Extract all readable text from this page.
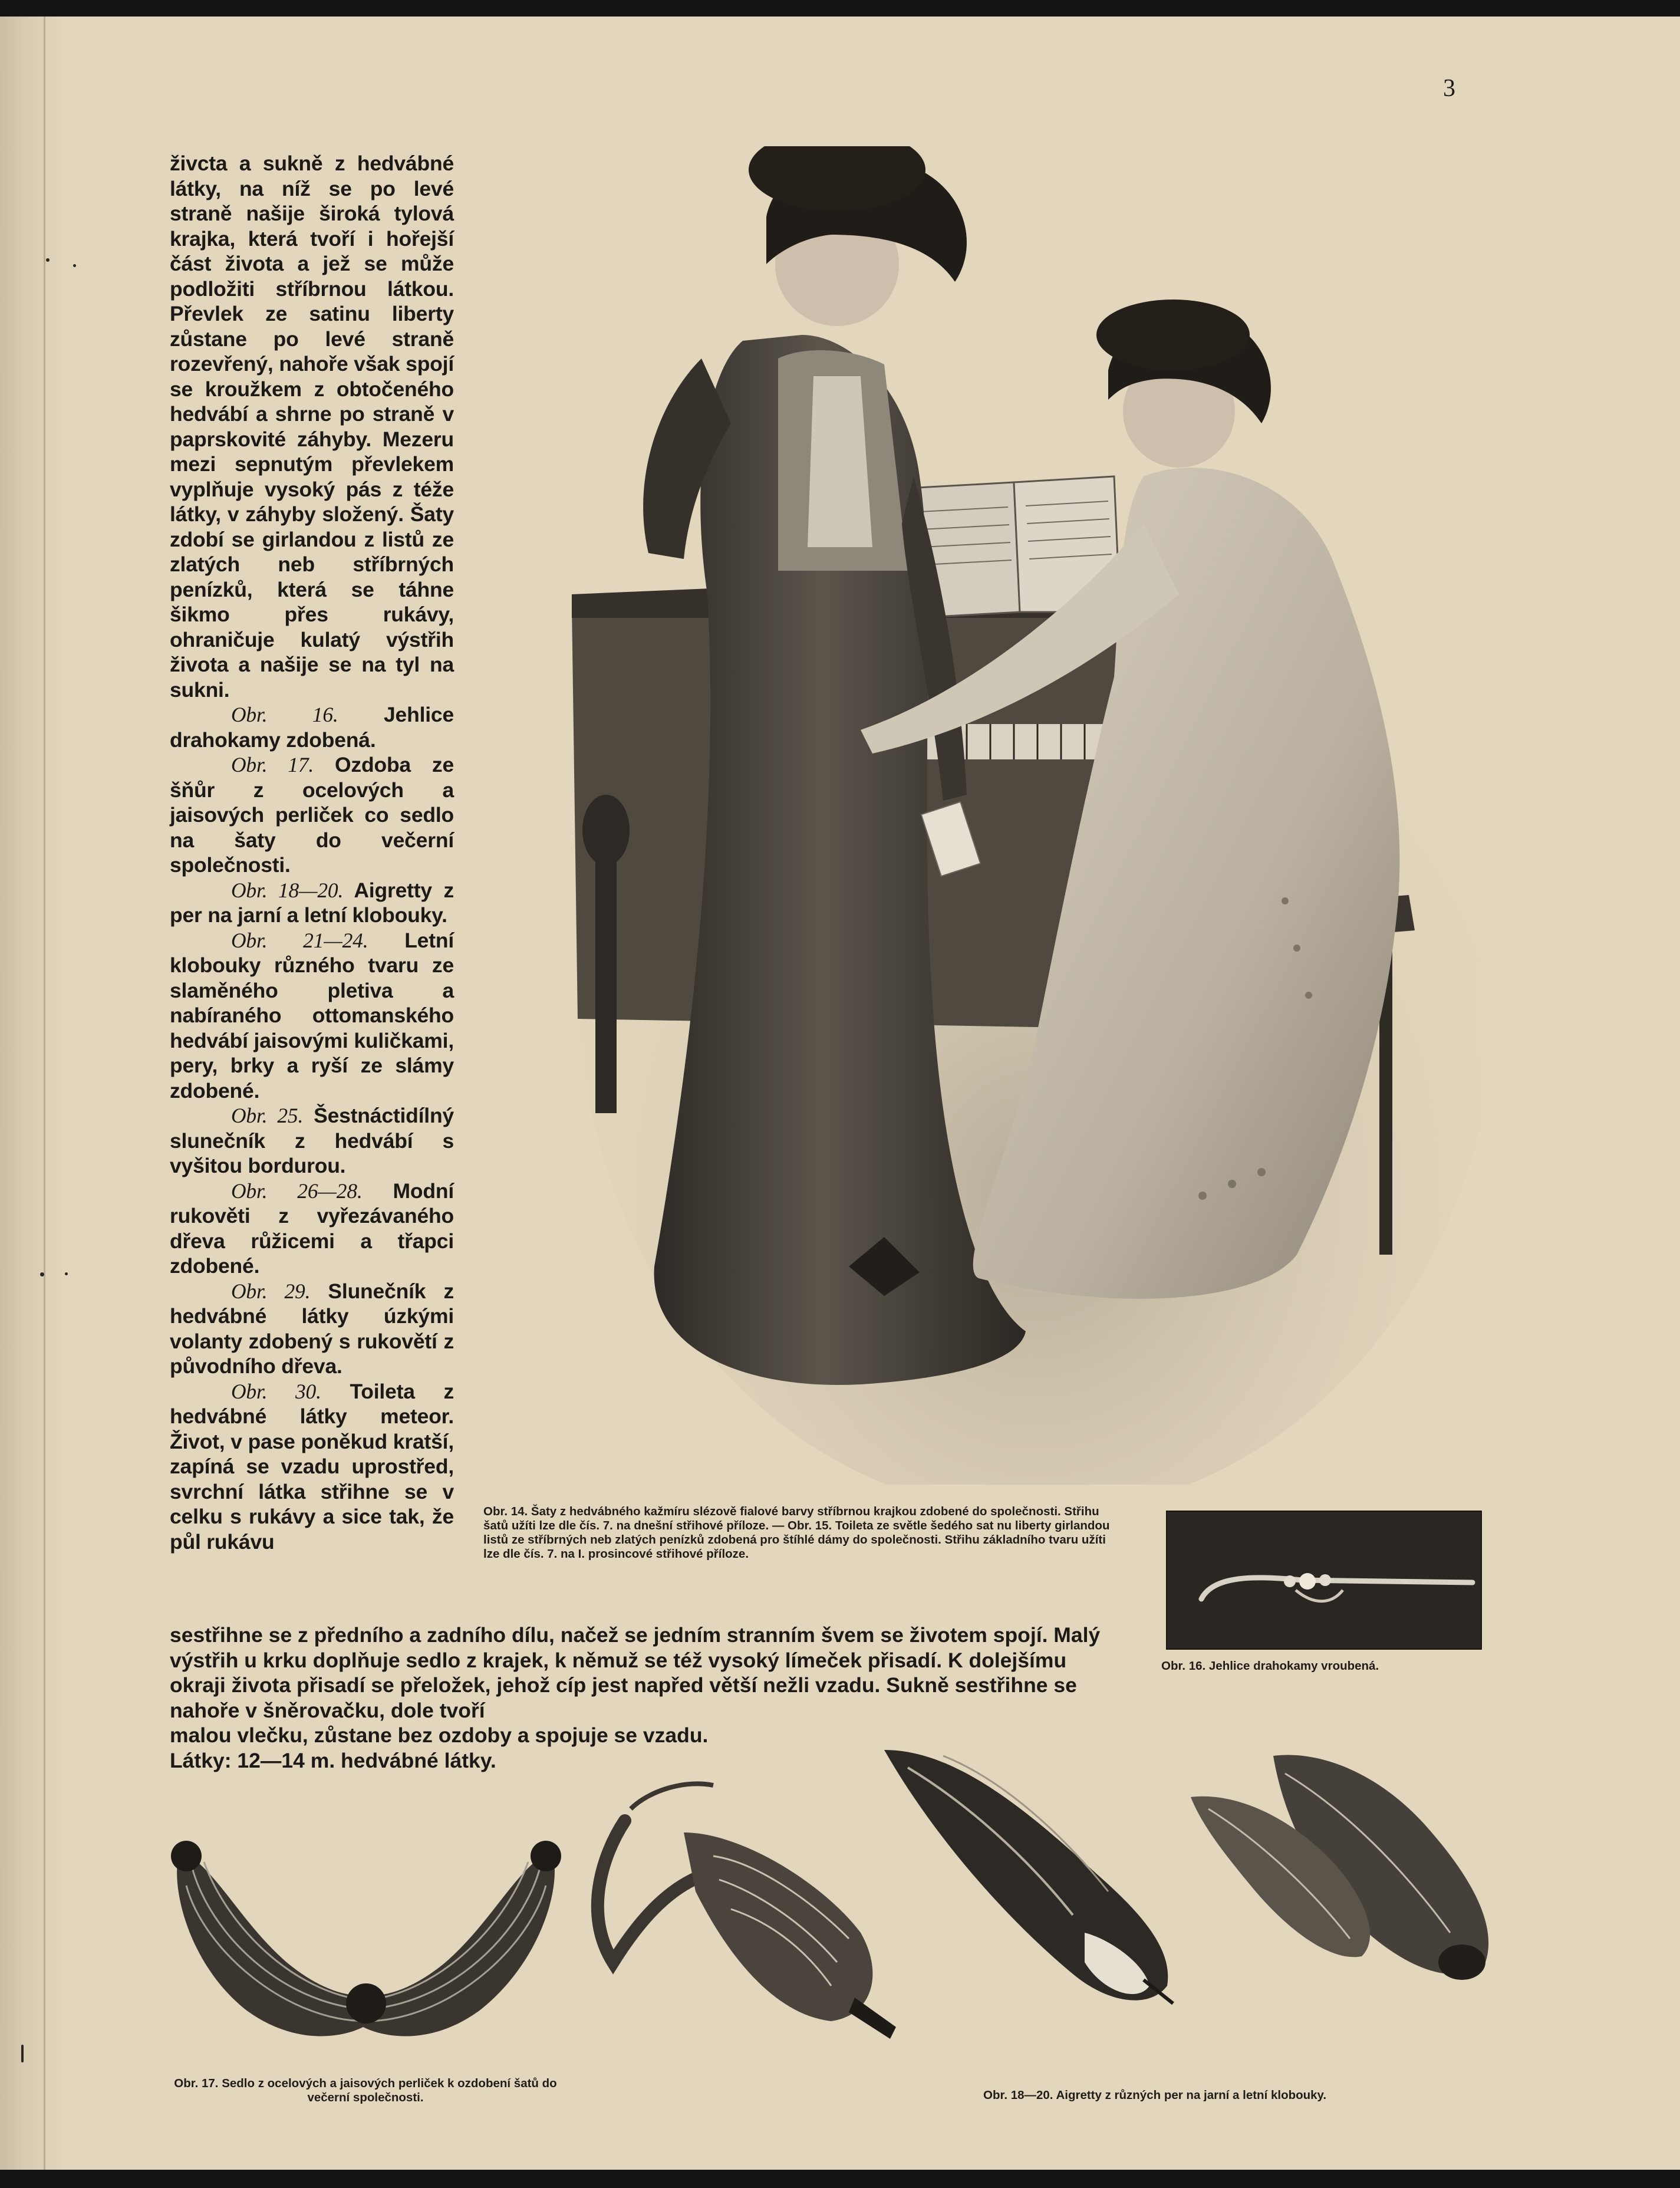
3

živcta a sukně z hedvábné látky, na níž se po levé straně našije široká tylová krajka, která tvoří i hořejší část života a jež se může podložiti stříbrnou látkou. Převlek ze satinu liberty zůstane po levé straně rozevřený, nahoře však spojí se kroužkem z obtočeného hedvábí a shrne po straně v paprskovité záhyby. Mezeru mezi sepnutým převlekem vyplňuje vysoký pás z téže látky, v záhyby složený. Šaty zdobí se girlandou z listů ze zlatých neb stříbrných penízků, která se táhne šikmo přes rukávy, ohraničuje kulatý výstřih života a našije se na tyl na sukni.

Obr. 16. Jehlice drahokamy zdobená.

Obr. 17. Ozdoba ze šňůr z ocelových a jaisových perliček co sedlo na šaty do večerní společnosti.

Obr. 18—20. Aigretty z per na jarní a letní klobouky.

Obr. 21—24. Letní klobouky různého tvaru ze slaměného pletiva a nabíraného ottomanského hedvábí jaisovými kuličkami, pery, brky a ryší ze slámy zdobené.

Obr. 25. Šestnáctidílný slunečník z hedvábí s vyšitou bordurou.

Obr. 26—28. Modní rukověti z vyřezávaného dřeva růžicemi a třapci zdobené.

Obr. 29. Slunečník z hedvábné látky úzkými volanty zdobený s rukovětí z původního dřeva.

Obr. 30. Toileta z hedvábné látky meteor. Život, v pase poněkud kratší, zapíná se vzadu uprostřed, svrchní látka střihne se v celku s rukávy a sice tak, že půl rukávu

Obr. 14. Šaty z hedvábného kažmíru slézově fialové barvy stříbrnou krajkou zdobené do společnosti. Střihu šatů užíti lze dle čís. 7. na dnešní střihové příloze. — Obr. 15. Toileta ze světle šedého sat nu liberty girlandou listů ze stříbrných neb zlatých penízků zdobená pro štíhlé dámy do společnosti. Střihu základního tvaru užíti lze dle čís. 7. na I. prosincové střihové příloze.
Obr. 16. Jehlice drahokamy vroubená.

sestřihne se z předního a zadního dílu, načež se jedním stranním švem se životem spojí. Malý výstřih u krku doplňuje sedlo z krajek, k němuž se též vysoký límeček přisadí. K dolejšímu okraji života přisadí se přeložek, jehož cíp jest napřed větší nežli vzadu. Sukně sestřihne se nahoře v šněrovačku, dole tvoří

malou vlečku, zůstane bez ozdoby a spojuje se vzadu.

Látky: 12—14 m. hedvábné látky.

Obr. 17. Sedlo z ocelových a jaisových perliček k ozdobení šatů do večerní společnosti.	Obr. 18—20. Aigretty z různých per na jarní a letní klobouky.
